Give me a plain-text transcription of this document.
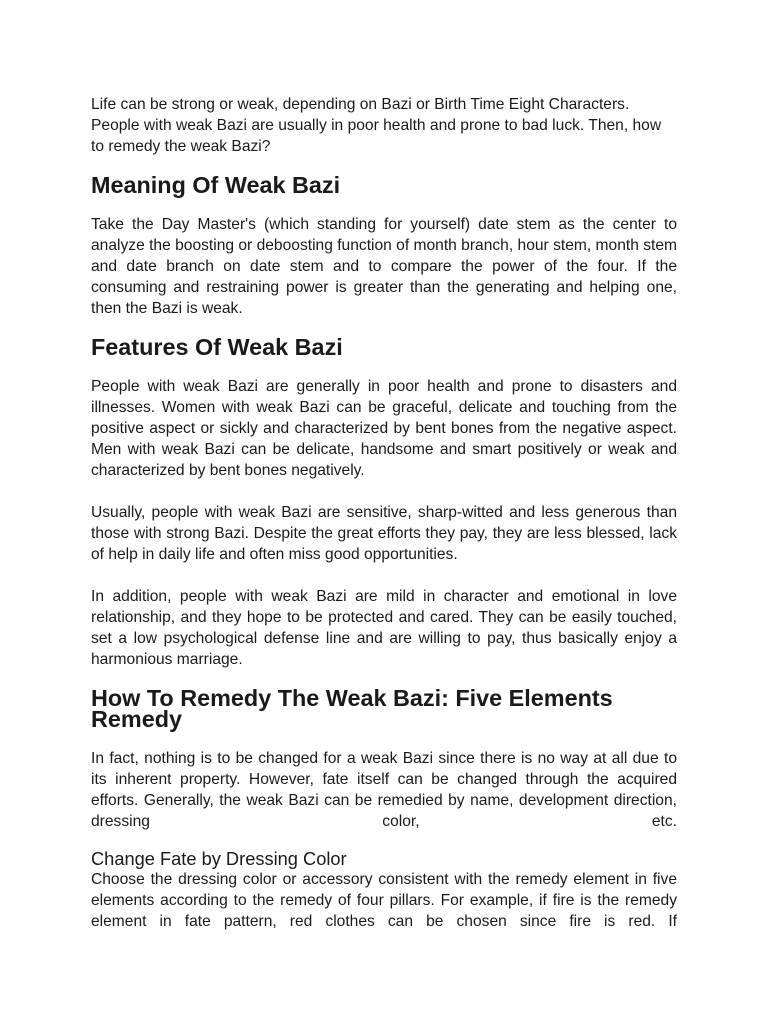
Life can be strong or weak, depending on Bazi or Birth Time Eight Characters. People with weak Bazi are usually in poor health and prone to bad luck. Then, how to remedy the weak Bazi?

Meaning Of Weak Bazi

Take the Day Master's (which standing for yourself) date stem as the center to analyze the boosting or deboosting function of month branch, hour stem, month stem and date branch on date stem and to compare the power of the four. If the consuming and restraining power is greater than the generating and helping one, then the Bazi is weak.

Features Of Weak Bazi

People with weak Bazi are generally in poor health and prone to disasters and illnesses. Women with weak Bazi can be graceful, delicate and touching from the positive aspect or sickly and characterized by bent bones from the negative aspect. Men with weak Bazi can be delicate, handsome and smart positively or weak and characterized by bent bones negatively.

Usually, people with weak Bazi are sensitive, sharp-witted and less generous than those with strong Bazi. Despite the great efforts they pay, they are less blessed, lack of help in daily life and often miss good opportunities.

In addition, people with weak Bazi are mild in character and emotional in love relationship, and they hope to be protected and cared. They can be easily touched, set a low psychological defense line and are willing to pay, thus basically enjoy a harmonious marriage.

How To Remedy The Weak Bazi: Five Elements Remedy

In fact, nothing is to be changed for a weak Bazi since there is no way at all due to its inherent property. However, fate itself can be changed through the acquired efforts. Generally, the weak Bazi can be remedied by name, development direction, dressing color, etc.

Change Fate by Dressing Color

Choose the dressing color or accessory consistent with the remedy element in five elements according to the remedy of four pillars. For example, if fire is the remedy element in fate pattern, red clothes can be chosen since fire is red. If
